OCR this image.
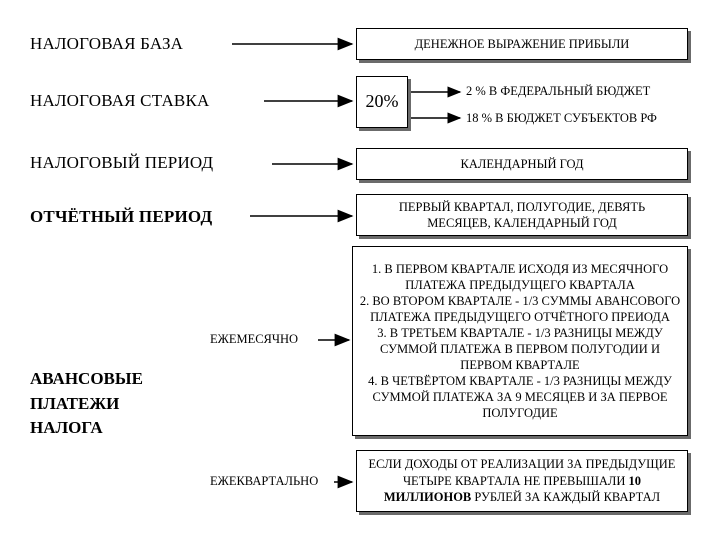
НАЛОГОВАЯ БАЗА
НАЛОГОВАЯ СТАВКА
НАЛОГОВЫЙ ПЕРИОД
ОТЧЁТНЫЙ ПЕРИОД
АВАНСОВЫЕ
ПЛАТЕЖИ
НАЛОГА
ЕЖЕМЕСЯЧНО
ЕЖЕКВАРТАЛЬНО
ДЕНЕЖНОЕ ВЫРАЖЕНИЕ ПРИБЫЛИ
20%
2 % В ФЕДЕРАЛЬНЫЙ БЮДЖЕТ
18 % В БЮДЖЕТ СУБЪЕКТОВ РФ
КАЛЕНДАРНЫЙ ГОД
ПЕРВЫЙ КВАРТАЛ, ПОЛУГОДИЕ, ДЕВЯТЬ МЕСЯЦЕВ, КАЛЕНДАРНЫЙ ГОД
1. В ПЕРВОМ КВАРТАЛЕ ИСХОДЯ ИЗ МЕСЯЧНОГО ПЛАТЕЖА ПРЕДЫДУЩЕГО КВАРТАЛА
2. ВО ВТОРОМ КВАРТАЛЕ - 1/3 СУММЫ АВАНСОВОГО ПЛАТЕЖА ПРЕДЫДУЩЕГО ОТЧЁТНОГО ПРЕИОДА
3. В ТРЕТЬЕМ КВАРТАЛЕ - 1/3 РАЗНИЦЫ МЕЖДУ СУММОЙ ПЛАТЕЖА В ПЕРВОМ ПОЛУГОДИИ И ПЕРВОМ КВАРТАЛЕ
4. В ЧЕТВЁРТОМ КВАРТАЛЕ - 1/3 РАЗНИЦЫ МЕЖДУ СУММОЙ ПЛАТЕЖА ЗА 9 МЕСЯЦЕВ И ЗА ПЕРВОЕ ПОЛУГОДИЕ
ЕСЛИ ДОХОДЫ ОТ РЕАЛИЗАЦИИ ЗА ПРЕДЫДУЩИЕ ЧЕТЫРЕ КВАРТАЛА НЕ ПРЕВЫШАЛИ 10 МИЛЛИОНОВ РУБЛЕЙ ЗА КАЖДЫЙ КВАРТАЛ
